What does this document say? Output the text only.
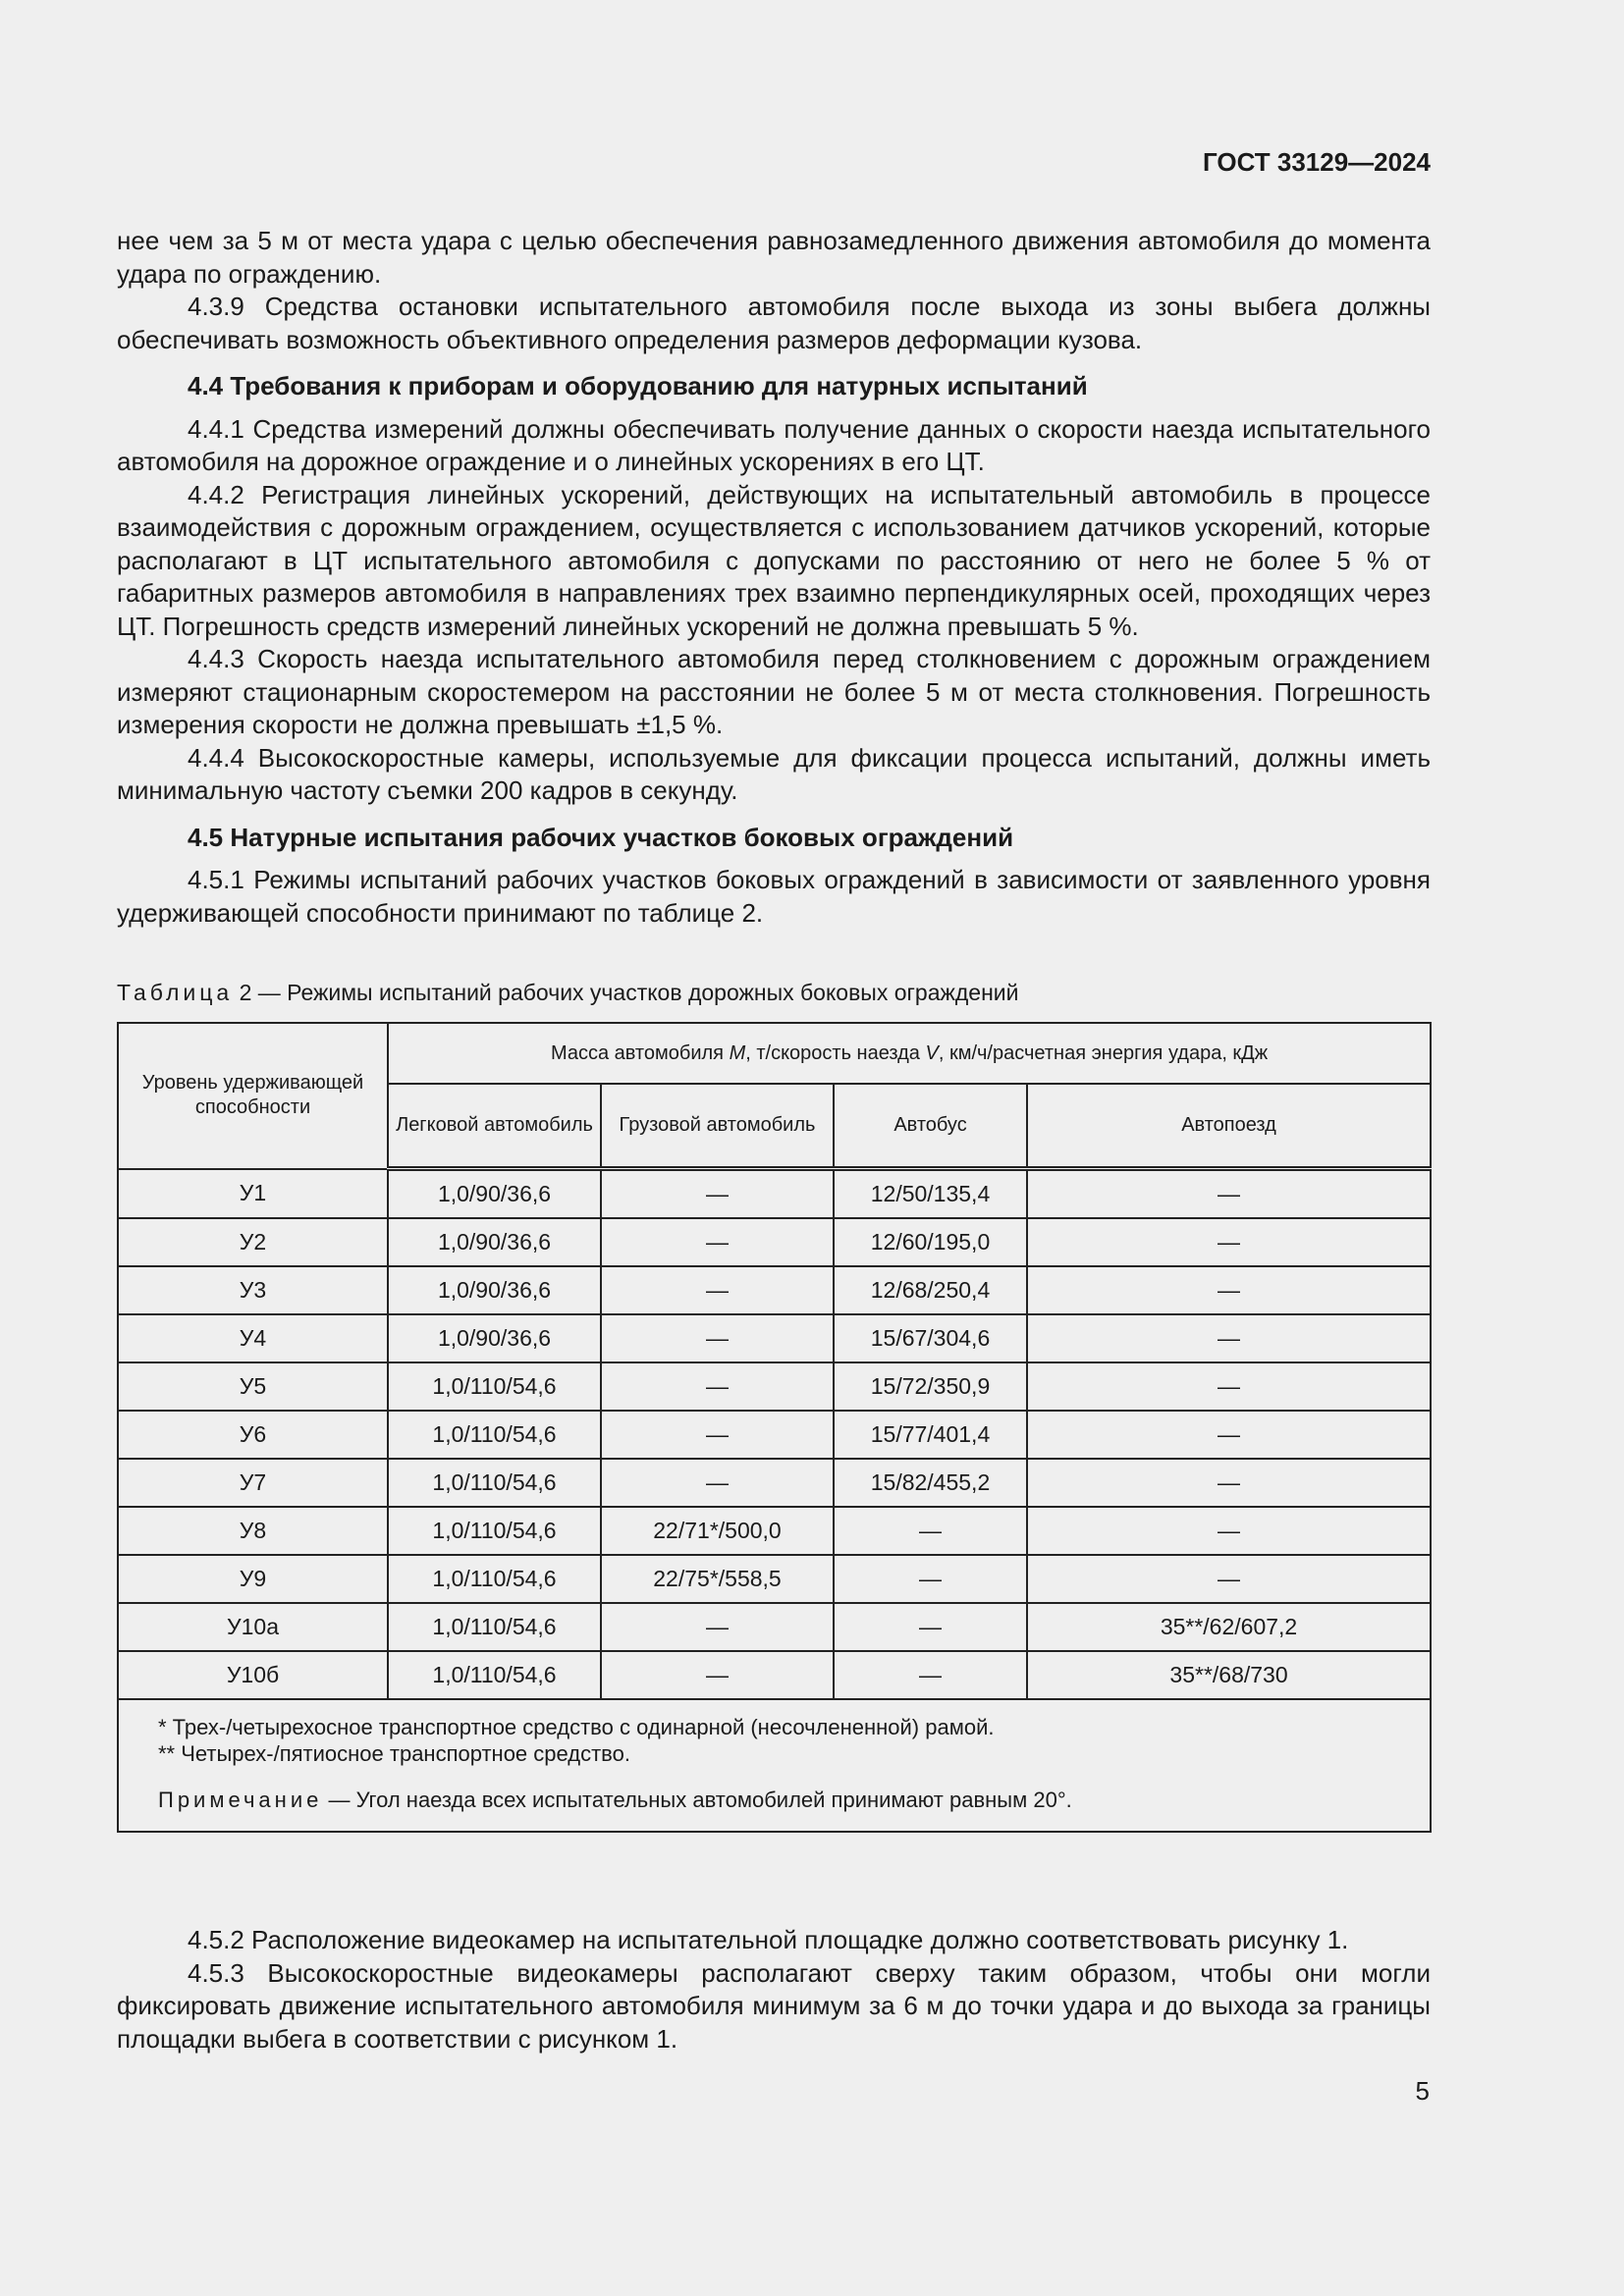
ГОСТ 33129—2024

нее чем за 5 м от места удара с целью обеспечения равнозамедленного движения автомобиля до момента удара по ограждению.

4.3.9 Средства остановки испытательного автомобиля после выхода из зоны выбега должны обеспечивать возможность объективного определения размеров деформации кузова.

4.4 Требования к приборам и оборудованию для натурных испытаний

4.4.1 Средства измерений должны обеспечивать получение данных о скорости наезда испытательного автомобиля на дорожное ограждение и о линейных ускорениях в его ЦТ.

4.4.2 Регистрация линейных ускорений, действующих на испытательный автомобиль в процессе взаимодействия с дорожным ограждением, осуществляется с использованием датчиков ускорений, которые располагают в ЦТ испытательного автомобиля с допусками по расстоянию от него не более 5 % от габаритных размеров автомобиля в направлениях трех взаимно перпендикулярных осей, проходящих через ЦТ. Погрешность средств измерений линейных ускорений не должна превышать 5 %.

4.4.3 Скорость наезда испытательного автомобиля перед столкновением с дорожным ограждением измеряют стационарным скоростемером на расстоянии не более 5 м от места столкновения. Погрешность измерения скорости не должна превышать ±1,5 %.

4.4.4 Высокоскоростные камеры, используемые для фиксации процесса испытаний, должны иметь минимальную частоту съемки 200 кадров в секунду.

4.5 Натурные испытания рабочих участков боковых ограждений

4.5.1 Режимы испытаний рабочих участков боковых ограждений в зависимости от заявленного уровня удерживающей способности принимают по таблице 2.

Таблица 2 — Режимы испытаний рабочих участков дорожных боковых ограждений
Уровень удерживающей способности	Масса автомобиля M, т/скорость наезда V, км/ч/расчетная энергия удара, кДж			
	Легковой автомобиль	Грузовой автомобиль	Автобус	Автопоезд
У1	1,0/90/36,6	—	12/50/135,4	—
У2	1,0/90/36,6	—	12/60/195,0	—
У3	1,0/90/36,6	—	12/68/250,4	—
У4	1,0/90/36,6	—	15/67/304,6	—
У5	1,0/110/54,6	—	15/72/350,9	—
У6	1,0/110/54,6	—	15/77/401,4	—
У7	1,0/110/54,6	—	15/82/455,2	—
У8	1,0/110/54,6	22/71*/500,0	—	—
У9	1,0/110/54,6	22/75*/558,5	—	—
У10а	1,0/110/54,6	—	—	35**/62/607,2
У10б	1,0/110/54,6	—	—	35**/68/730

* Трех-/четырехосное транспортное средство с одинарной (несочлененной) рамой.
** Четырех-/пятиосное транспортное средство.
Примечание — Угол наезда всех испытательных автомобилей принимают равным 20°.				

4.5.2 Расположение видеокамер на испытательной площадке должно соответствовать рисунку 1.

4.5.3 Высокоскоростные видеокамеры располагают сверху таким образом, чтобы они могли фиксировать движение испытательного автомобиля минимум за 6 м до точки удара и до выхода за границы площадки выбега в соответствии с рисунком 1.

5
